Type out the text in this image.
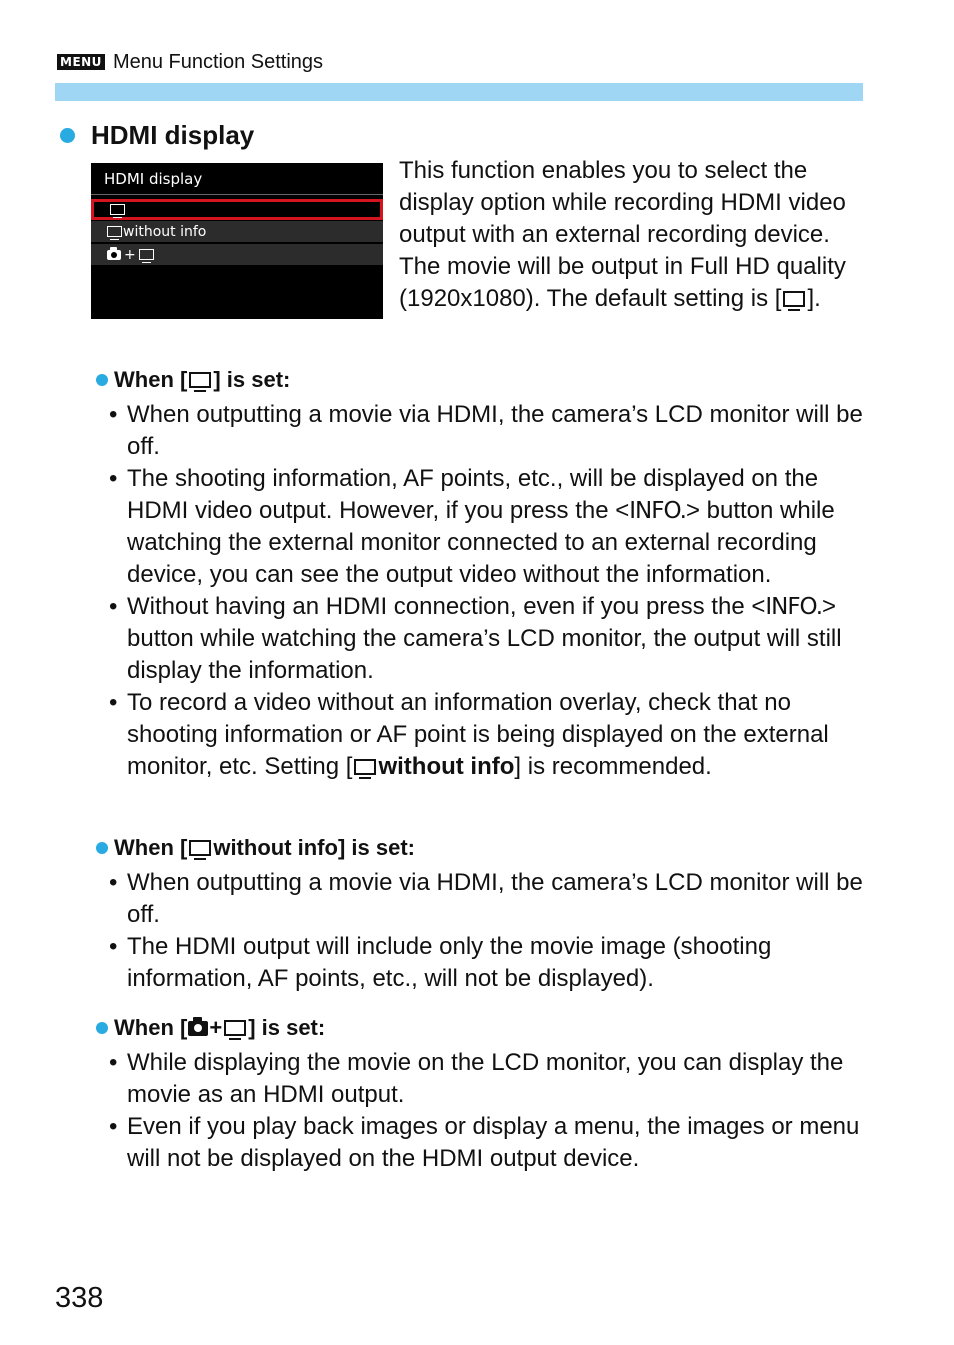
MENU Menu Function Settings
HDMI display
HDMI display
without info
+
This function enables you to select the display option while recording HDMI video output with an external recording device. The movie will be output in Full HD quality (1920x1080). The default setting is [ ].
When [ ] is set:
• When outputting a movie via HDMI, the camera’s LCD monitor will be off.
• The shooting information, AF points, etc., will be displayed on the HDMI video output. However, if you press the <INFO.> button while watching the external monitor connected to an external recording device, you can see the output video without the information.
• Without having an HDMI connection, even if you press the <INFO.> button while watching the camera’s LCD monitor, the output will still display the information.
• To record a video without an information overlay, check that no shooting information or AF point is being displayed on the external monitor, etc. Setting [ without info] is recommended.
When [ without info ] is set:
• When outputting a movie via HDMI, the camera’s LCD monitor will be off.
• The HDMI output will include only the movie image (shooting information, AF points, etc., will not be displayed).
When [ + ] is set:
• While displaying the movie on the LCD monitor, you can display the movie as an HDMI output.
• Even if you play back images or display a menu, the images or menu will not be displayed on the HDMI output device.
338
